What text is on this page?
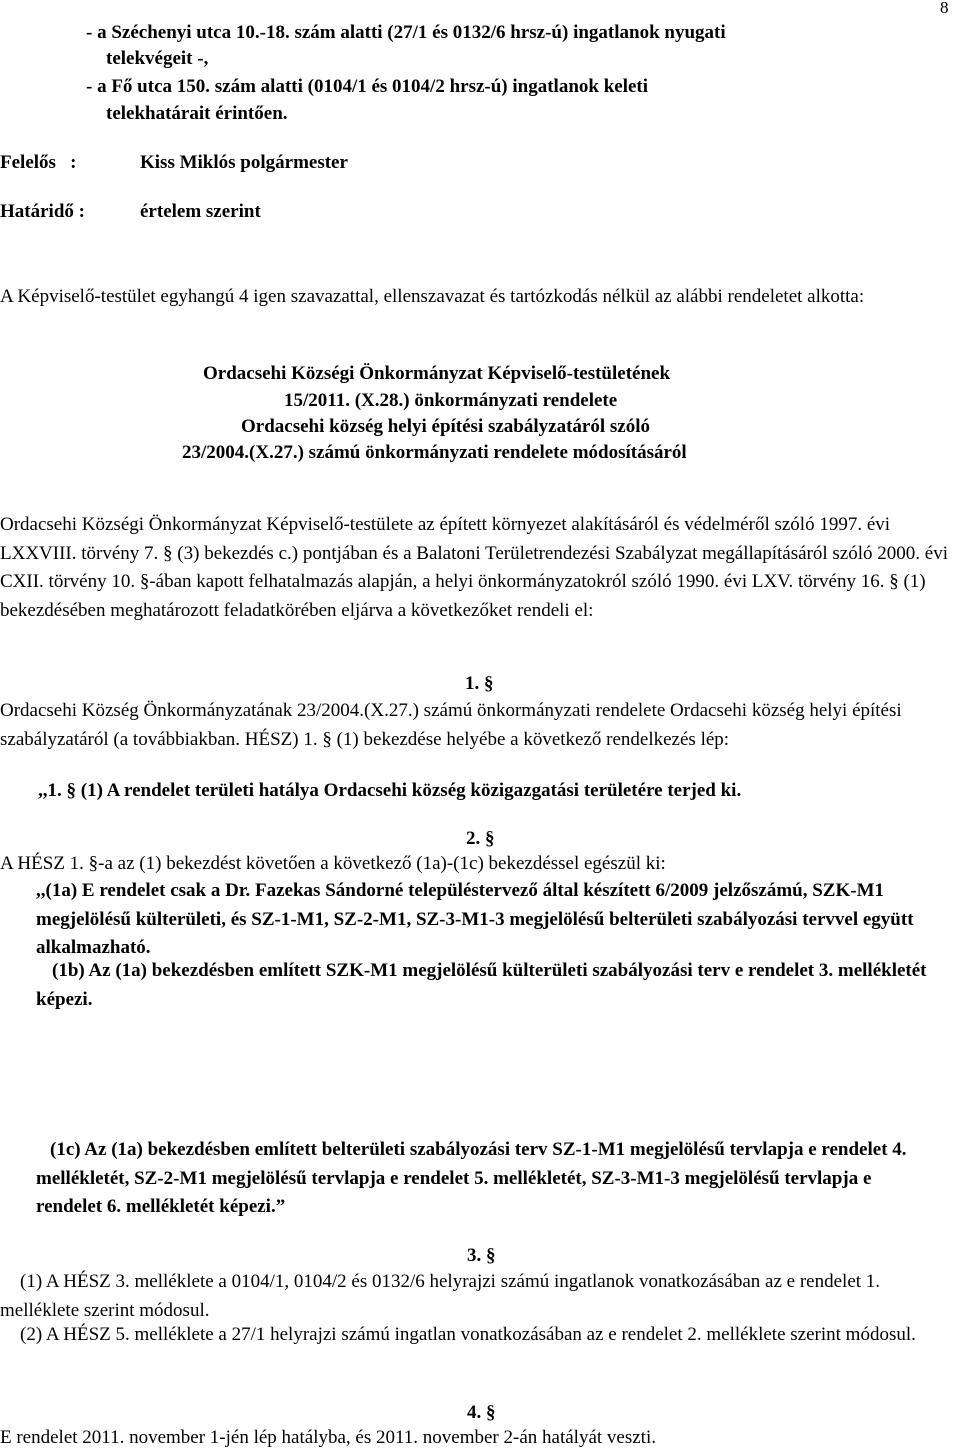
8
- a Széchenyi utca 10.-18. szám alatti (27/1 és 0132/6 hrsz-ú) ingatlanok nyugati
telekvégeit -,
- a Fő utca 150. szám alatti (0104/1 és 0104/2 hrsz-ú) ingatlanok keleti
telekhatárait érintően.
Felelős   :	Kiss Miklós polgármester
Határidő :	értelem szerint
A Képviselő-testület egyhangú 4 igen szavazattal, ellenszavazat és tartózkodás nélkül az alábbi rendeletet alkotta:
Ordacsehi Községi Önkormányzat Képviselő-testületének
15/2011. (X.28.) önkormányzati rendelete
Ordacsehi község helyi építési szabályzatáról szóló
23/2004.(X.27.) számú önkormányzati rendelete módosításáról
Ordacsehi Községi Önkormányzat Képviselő-testülete az épített környezet alakításáról és védelméről szóló 1997. évi LXXVIII. törvény 7. § (3) bekezdés c.) pontjában és a Balatoni Területrendezési Szabályzat megállapításáról szóló 2000. évi CXII. törvény 10. §-ában kapott felhatalmazás alapján, a helyi önkormányzatokról szóló 1990. évi LXV. törvény 16. § (1) bekezdésében meghatározott feladatkörében eljárva a következőket rendeli el:
1. §
Ordacsehi Község Önkormányzatának 23/2004.(X.27.) számú önkormányzati rendelete Ordacsehi község helyi építési szabályzatáról (a továbbiakban. HÉSZ) 1. § (1) bekezdése helyébe a következő rendelkezés lép:
,,1. § (1) A rendelet területi hatálya Ordacsehi község közigazgatási területére terjed ki.
2. §
A HÉSZ 1. §-a az (1) bekezdést követően a következő (1a)-(1c) bekezdéssel egészül ki:
,,(1a) E rendelet csak a Dr. Fazekas Sándorné településtervező által készített 6/2009 jelzőszámú, SZK-M1 megjelölésű külterületi, és SZ-1-M1, SZ-2-M1, SZ-3-M1-3 megjelölésű belterületi szabályozási tervvel együtt alkalmazható.
(1b) Az (1a) bekezdésben említett SZK-M1 megjelölésű külterületi szabályozási terv e rendelet 3. mellékletét képezi.
(1c) Az (1a) bekezdésben említett belterületi szabályozási terv SZ-1-M1 megjelölésű tervlapja e rendelet 4. mellékletét, SZ-2-M1 megjelölésű tervlapja e rendelet 5. mellékletét, SZ-3-M1-3 megjelölésű tervlapja e rendelet 6. mellékletét képezi.”
3. §
(1) A HÉSZ 3. melléklete a 0104/1, 0104/2 és 0132/6 helyrajzi számú ingatlanok vonatkozásában az e rendelet 1. melléklete szerint módosul.
(2) A HÉSZ 5. melléklete a 27/1 helyrajzi számú ingatlan vonatkozásában az e rendelet 2. melléklete szerint módosul.
4. §
E rendelet 2011. november 1-jén lép hatályba, és 2011. november 2-án hatályát veszti.
